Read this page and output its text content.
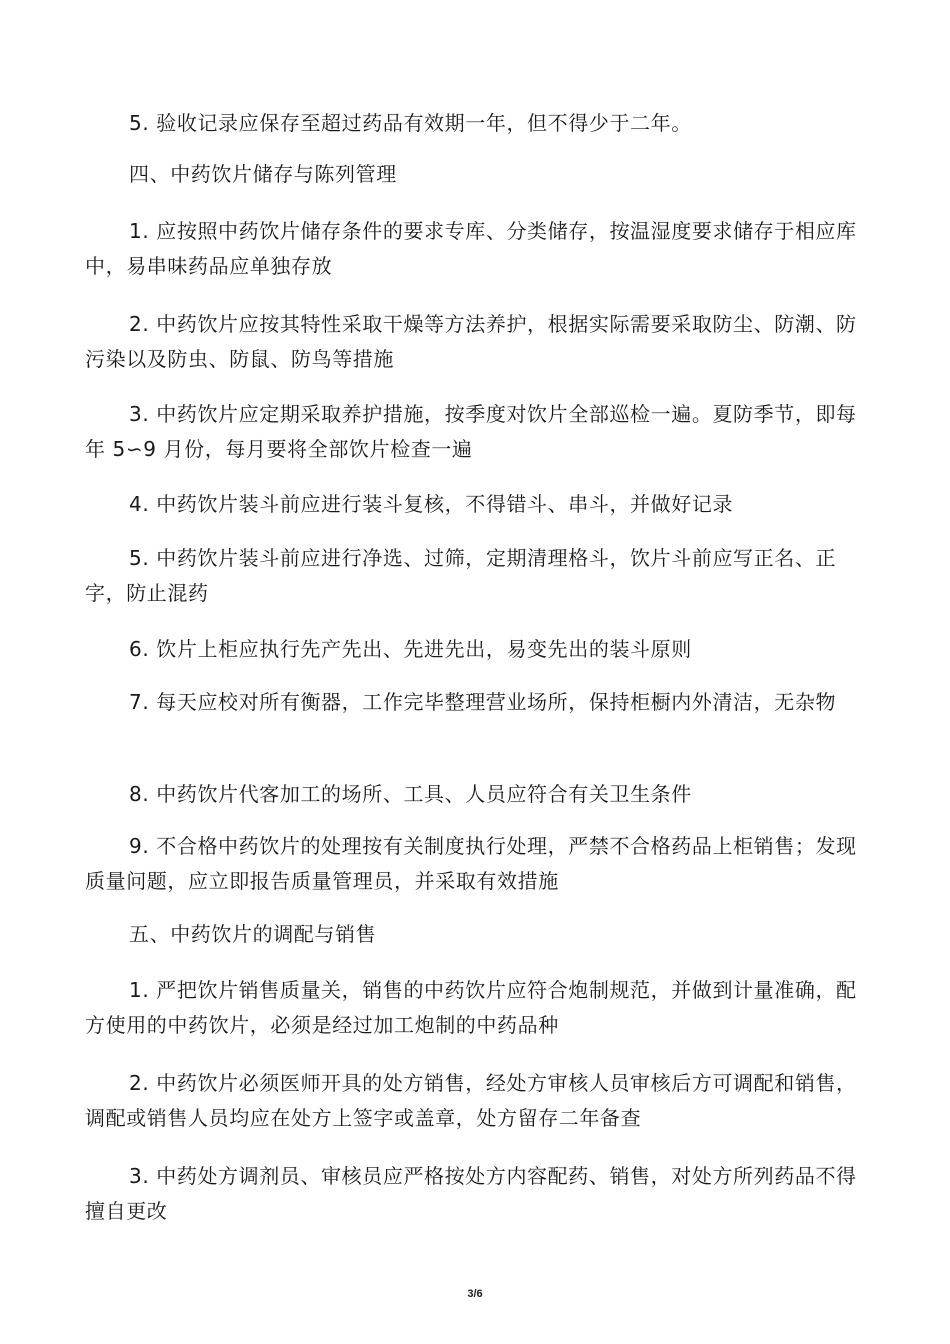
5. 验收记录应保存至超过药品有效期一年，但不得少于二年。

四、中药饮片储存与陈列管理

1. 应按照中药饮片储存条件的要求专库、分类储存，按温湿度要求储存于相应库中，易串味药品应单独存放

2. 中药饮片应按其特性采取干燥等方法养护，根据实际需要采取防尘、防潮、防污染以及防虫、防鼠、防鸟等措施

3. 中药饮片应定期采取养护措施，按季度对饮片全部巡检一遍。夏防季节，即每年 5∽9 月份，每月要将全部饮片检查一遍

4. 中药饮片装斗前应进行装斗复核，不得错斗、串斗，并做好记录

5. 中药饮片装斗前应进行净选、过筛，定期清理格斗，饮片斗前应写正名、正字，防止混药

6. 饮片上柜应执行先产先出、先进先出，易变先出的装斗原则

7. 每天应校对所有衡器，工作完毕整理营业场所，保持柜橱内外清洁，无杂物

8. 中药饮片代客加工的场所、工具、人员应符合有关卫生条件

9. 不合格中药饮片的处理按有关制度执行处理，严禁不合格药品上柜销售；发现质量问题，应立即报告质量管理员，并采取有效措施

五、中药饮片的调配与销售

1. 严把饮片销售质量关，销售的中药饮片应符合炮制规范，并做到计量准确，配方使用的中药饮片，必须是经过加工炮制的中药品种

2. 中药饮片必须医师开具的处方销售，经处方审核人员审核后方可调配和销售，调配或销售人员均应在处方上签字或盖章，处方留存二年备查

3. 中药处方调剂员、审核员应严格按处方内容配药、销售，对处方所列药品不得擅自更改

3/6
